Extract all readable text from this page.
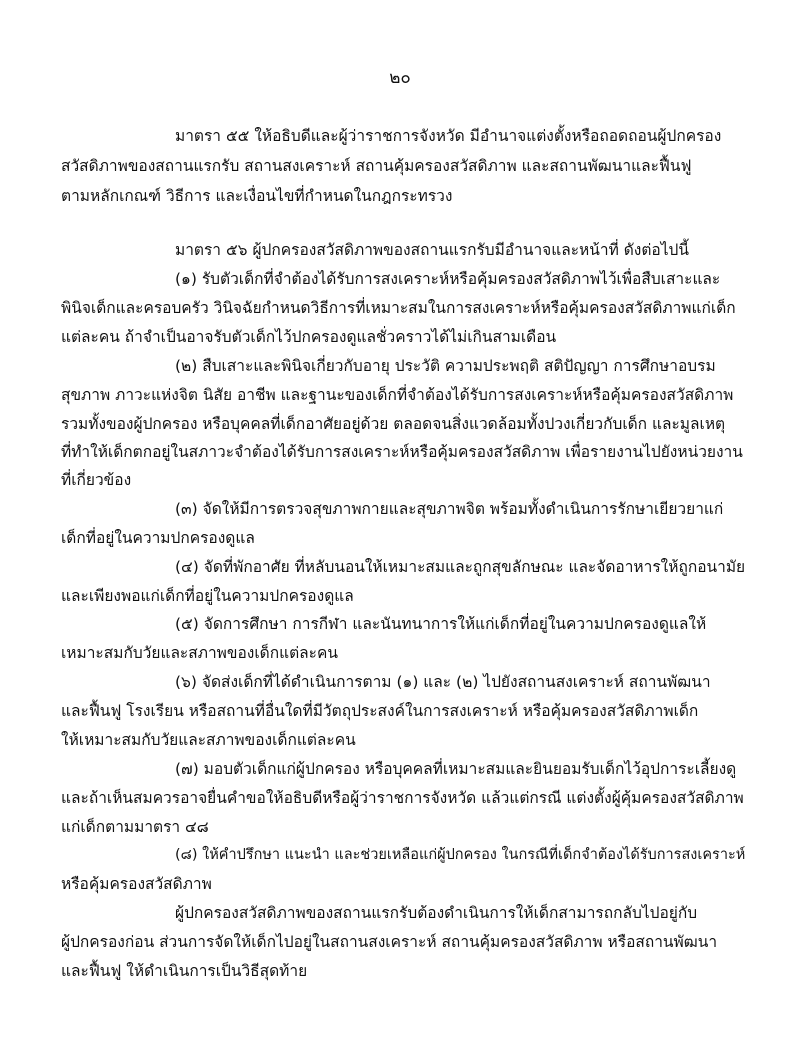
๒๐
มาตรา ๕๕ ให้อธิบดีและผู้ว่าราชการจังหวัด มีอำนาจแต่งตั้งหรือถอดถอนผู้ปกครอง
สวัสดิภาพของสถานแรกรับ สถานสงเคราะห์ สถานคุ้มครองสวัสดิภาพ และสถานพัฒนาและฟื้นฟู
ตามหลักเกณฑ์ วิธีการ และเงื่อนไขที่กำหนดในกฎกระทรวง
มาตรา ๕๖ ผู้ปกครองสวัสดิภาพของสถานแรกรับมีอำนาจและหน้าที่ ดังต่อไปนี้
(๑) รับตัวเด็กที่จำต้องได้รับการสงเคราะห์หรือคุ้มครองสวัสดิภาพไว้เพื่อสืบเสาะและ
พินิจเด็กและครอบครัว วินิจฉัยกำหนดวิธีการที่เหมาะสมในการสงเคราะห์หรือคุ้มครองสวัสดิภาพแก่เด็ก
แต่ละคน ถ้าจำเป็นอาจรับตัวเด็กไว้ปกครองดูแลชั่วคราวได้ไม่เกินสามเดือน
(๒) สืบเสาะและพินิจเกี่ยวกับอายุ ประวัติ ความประพฤติ สติปัญญา การศึกษาอบรม
สุขภาพ ภาวะแห่งจิต นิสัย อาชีพ และฐานะของเด็กที่จำต้องได้รับการสงเคราะห์หรือคุ้มครองสวัสดิภาพ
รวมทั้งของผู้ปกครอง หรือบุคคลที่เด็กอาศัยอยู่ด้วย ตลอดจนสิ่งแวดล้อมทั้งปวงเกี่ยวกับเด็ก และมูลเหตุ
ที่ทำให้เด็กตกอยู่ในสภาวะจำต้องได้รับการสงเคราะห์หรือคุ้มครองสวัสดิภาพ เพื่อรายงานไปยังหน่วยงาน
ที่เกี่ยวข้อง
(๓) จัดให้มีการตรวจสุขภาพกายและสุขภาพจิต พร้อมทั้งดำเนินการรักษาเยียวยาแก่
เด็กที่อยู่ในความปกครองดูแล
(๔) จัดที่พักอาศัย ที่หลับนอนให้เหมาะสมและถูกสุขลักษณะ และจัดอาหารให้ถูกอนามัย
และเพียงพอแก่เด็กที่อยู่ในความปกครองดูแล
(๕) จัดการศึกษา การกีฬา และนันทนาการให้แก่เด็กที่อยู่ในความปกครองดูแลให้
เหมาะสมกับวัยและสภาพของเด็กแต่ละคน
(๖) จัดส่งเด็กที่ได้ดำเนินการตาม (๑) และ (๒) ไปยังสถานสงเคราะห์ สถานพัฒนา
และฟื้นฟู โรงเรียน หรือสถานที่อื่นใดที่มีวัตถุประสงค์ในการสงเคราะห์ หรือคุ้มครองสวัสดิภาพเด็ก
ให้เหมาะสมกับวัยและสภาพของเด็กแต่ละคน
(๗) มอบตัวเด็กแก่ผู้ปกครอง หรือบุคคลที่เหมาะสมและยินยอมรับเด็กไว้อุปการะเลี้ยงดู
และถ้าเห็นสมควรอาจยื่นคำขอให้อธิบดีหรือผู้ว่าราชการจังหวัด แล้วแต่กรณี แต่งตั้งผู้คุ้มครองสวัสดิภาพ
แก่เด็กตามมาตรา ๔๘
(๘) ให้คำปรึกษา แนะนำ และช่วยเหลือแก่ผู้ปกครอง ในกรณีที่เด็กจำต้องได้รับการสงเคราะห์
หรือคุ้มครองสวัสดิภาพ
ผู้ปกครองสวัสดิภาพของสถานแรกรับต้องดำเนินการให้เด็กสามารถกลับไปอยู่กับ
ผู้ปกครองก่อน ส่วนการจัดให้เด็กไปอยู่ในสถานสงเคราะห์ สถานคุ้มครองสวัสดิภาพ หรือสถานพัฒนา
และฟื้นฟู ให้ดำเนินการเป็นวิธีสุดท้าย
